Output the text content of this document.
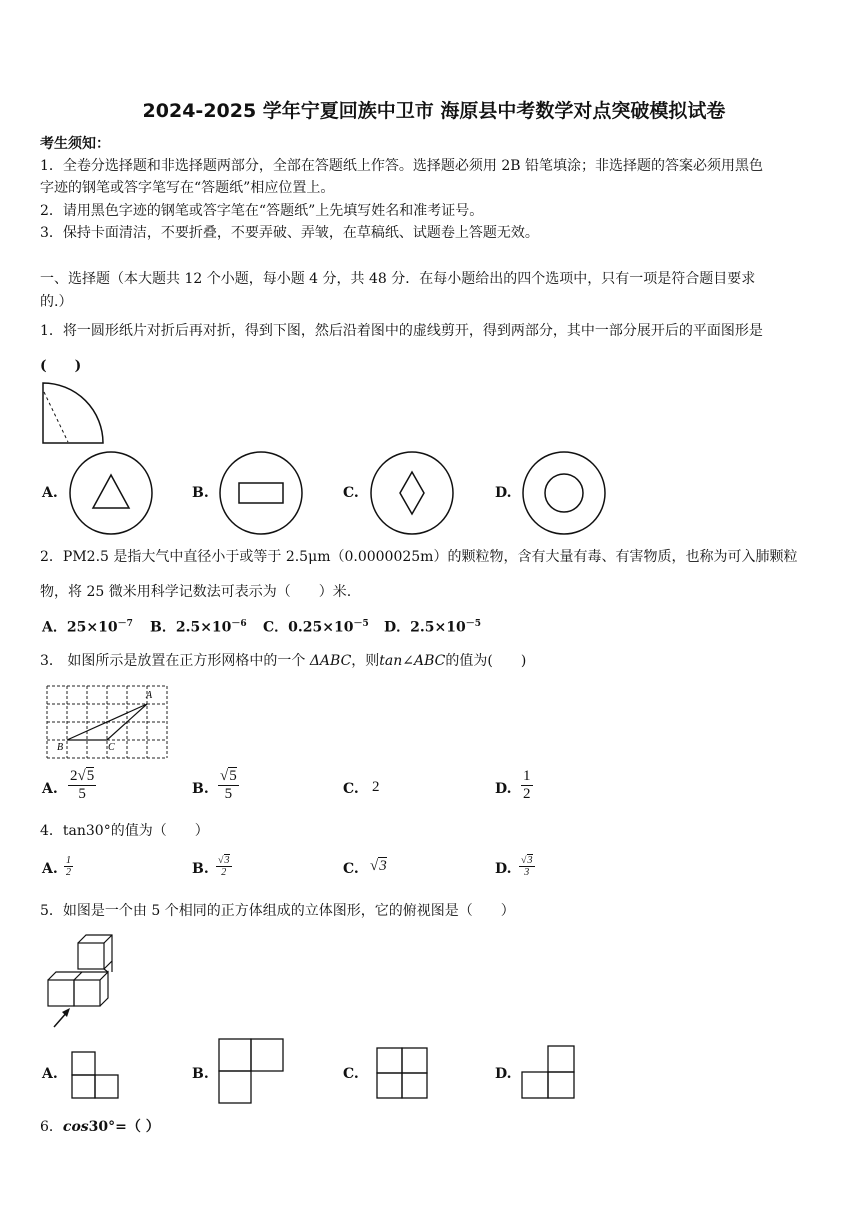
2024-2025 学年宁夏回族中卫市 海原县中考数学对点突破模拟试卷
考生须知：
1．全卷分选择题和非选择题两部分，全部在答题纸上作答。选择题必须用 2B 铅笔填涂；非选择题的答案必须用黑色
字迹的钢笔或答字笔写在“答题纸”相应位置上。
2．请用黑色字迹的钢笔或答字笔在“答题纸”上先填写姓名和准考证号。
3．保持卡面清洁，不要折叠，不要弄破、弄皱，在草稿纸、试题卷上答题无效。
一、选择题（本大题共 12 个小题，每小题 4 分，共 48 分．在每小题给出的四个选项中，只有一项是符合题目要求
的.）
1．将一圆形纸片对折后再对折，得到下图，然后沿着图中的虚线剪开，得到两部分，其中一部分展开后的平面图形是
(　　)
A.	B.	C.	D.
2．PM2.5 是指大气中直径小于或等于 2.5μm（0.0000025m）的颗粒物，含有大量有毒、有害物质，也称为可入肺颗粒
物，将 25 微米用科学记数法可表示为（　　）米.
A．$25\times 10^{-7}$ B．$2.5\times 10^{-6}$ C．$0.25\times 10^{-5}$ D．$2.5\times 10^{-5}$
3． 如图所示是放置在正方形网格中的一个 ΔABC，则tan∠ABC的值为(　　)
A
B	C
A. $\frac{2√5}{5}$	B. $\frac{√5}{5}$	C. 2	D. $\frac{1}{2}$
4．tan30°的值为（　　）
A. $\frac{1}{2}$	B. $\frac{√3}{2}$	C. √3	D. $\frac{√3}{3}$
5．如图是一个由 5 个相同的正方体组成的立体图形，它的俯视图是（　　）
A.	B.	C.	D.
6．cos30°=（ ）
